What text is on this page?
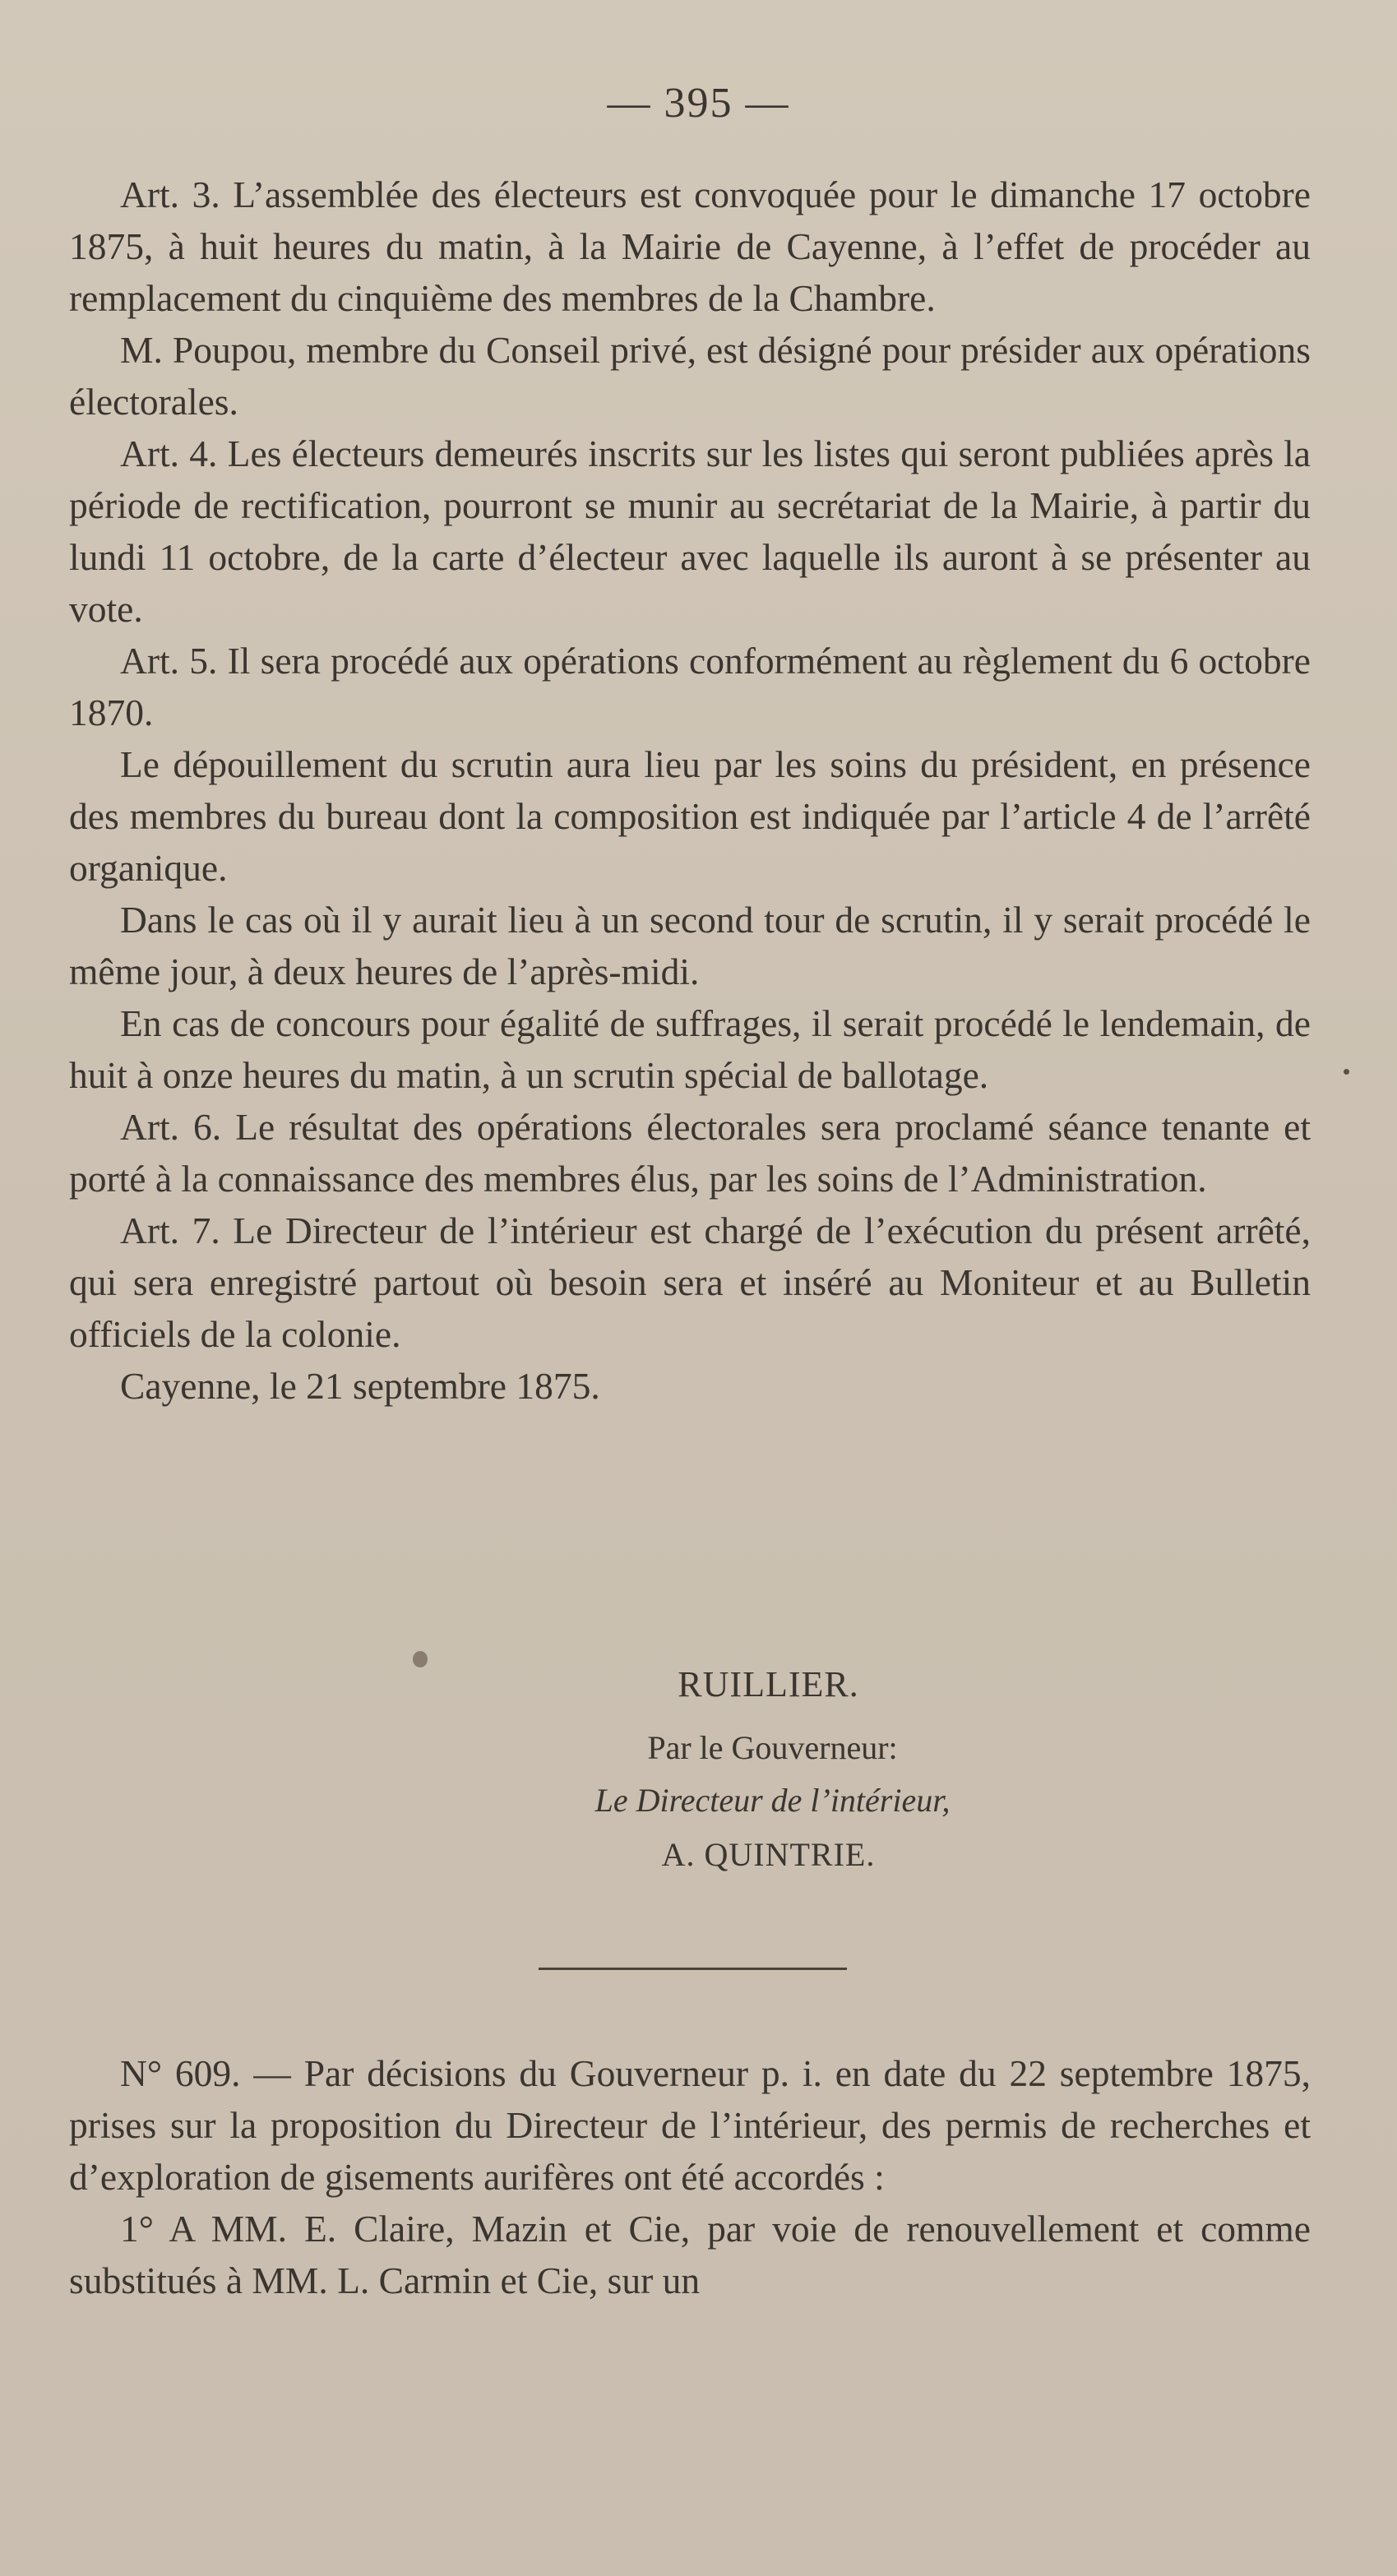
— 395 —

Art. 3. L’assemblée des électeurs est convoquée pour le dimanche 17 octobre 1875, à huit heures du matin, à la Mairie de Cayenne, à l’effet de procéder au remplacement du cinquième des membres de la Chambre.

M. Poupou, membre du Conseil privé, est désigné pour présider aux opérations électorales.

Art. 4. Les électeurs demeurés inscrits sur les listes qui seront publiées après la période de rectification, pourront se munir au secrétariat de la Mairie, à partir du lundi 11 octobre, de la carte d’électeur avec laquelle ils auront à se présenter au vote.

Art. 5. Il sera procédé aux opérations conformément au règlement du 6 octobre 1870.

Le dépouillement du scrutin aura lieu par les soins du président, en présence des membres du bureau dont la composition est indiquée par l’article 4 de l’arrêté organique.

Dans le cas où il y aurait lieu à un second tour de scrutin, il y serait procédé le même jour, à deux heures de l’après-midi.

En cas de concours pour égalité de suffrages, il serait procédé le lendemain, de huit à onze heures du matin, à un scrutin spécial de ballotage.

Art. 6. Le résultat des opérations électorales sera proclamé séance tenante et porté à la connaissance des membres élus, par les soins de l’Administration.

Art. 7. Le Directeur de l’intérieur est chargé de l’exécution du présent arrêté, qui sera enregistré partout où besoin sera et inséré au Moniteur et au Bulletin officiels de la colonie.

Cayenne, le 21 septembre 1875.

RUILLIER.
Par le Gouverneur:
Le Directeur de l’intérieur,
A. QUINTRIE.

N° 609. — Par décisions du Gouverneur p. i. en date du 22 septembre 1875, prises sur la proposition du Directeur de l’intérieur, des permis de recherches et d’exploration de gisements aurifères ont été accordés :

1° A MM. E. Claire, Mazin et Cie, par voie de renouvellement et comme substitués à MM. L. Carmin et Cie, sur un
